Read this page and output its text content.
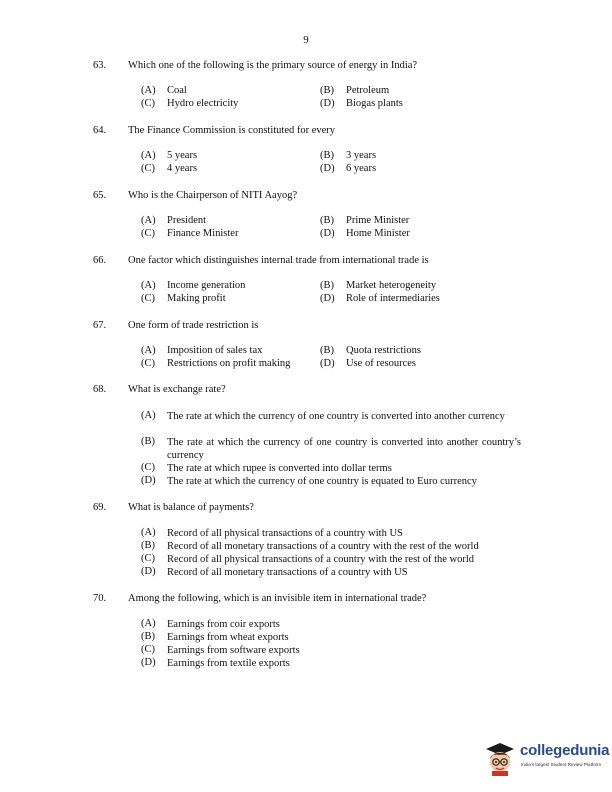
9
63. Which one of the following is the primary source of energy in India?
(A) Coal	(B) Petroleum
(C) Hydro electricity	(D) Biogas plants
64. The Finance Commission is constituted for every
(A) 5 years	(B) 3 years
(C) 4 years	(D) 6 years
65. Who is the Chairperson of NITI Aayog?
(A) President	(B) Prime Minister
(C) Finance Minister	(D) Home Minister
66. One factor which distinguishes internal trade from international trade is
(A) Income generation	(B) Market heterogeneity
(C) Making profit	(D) Role of intermediaries
67. One form of trade restriction is
(A) Imposition of sales tax	(B) Quota restrictions
(C) Restrictions on profit making	(D) Use of resources
68. What is exchange rate?
(A) The rate at which the currency of one country is converted into another currency
(B) The rate at which the currency of one country is converted into another country’s currency
(C) The rate at which rupee is converted into dollar terms
(D) The rate at which the currency of one country is equated to Euro currency
69. What is balance of payments?
(A) Record of all physical transactions of a country with US
(B) Record of all monetary transactions of a country with the rest of the world
(C) Record of all physical transactions of a country with the rest of the world
(D) Record of all monetary transactions of a country with US
70. Among the following, which is an invisible item in international trade?
(A) Earnings from coir exports
(B) Earnings from wheat exports
(C) Earnings from software exports
(D) Earnings from textile exports
collegedunia
India's largest Student Review Platform
